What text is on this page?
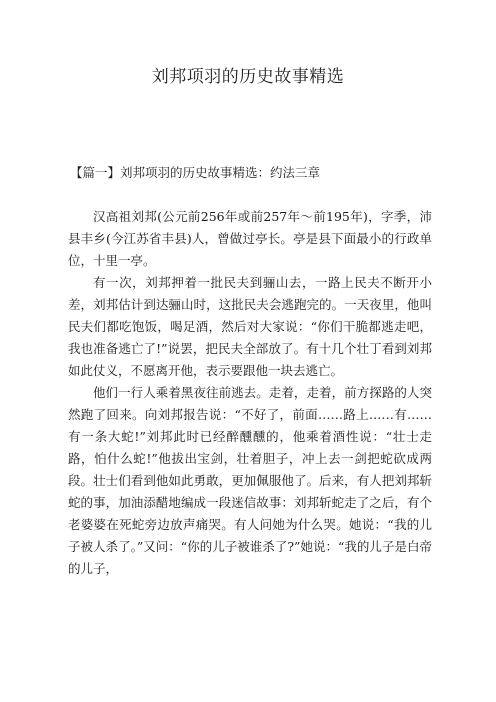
刘邦项羽的历史故事精选
【篇一】刘邦项羽的历史故事精选：约法三章

汉高祖刘邦(公元前256年或前257年～前195年)，字季，沛县丰乡(今江苏省丰县)人，曾做过亭长。亭是县下面最小的行政单位，十里一亭。

有一次，刘邦押着一批民夫到骊山去，一路上民夫不断开小差，刘邦估计到达骊山时，这批民夫会逃跑完的。一天夜里，他叫民夫们都吃饱饭，喝足酒，然后对大家说：“你们干脆都逃走吧，我也准备逃亡了!”说罢，把民夫全部放了。有十几个壮丁看到刘邦如此仗义，不愿离开他，表示要跟他一块去逃亡。

他们一行人乘着黑夜往前逃去。走着，走着，前方探路的人突然跑了回来。向刘邦报告说：“不好了，前面……路上……有……有一条大蛇!”刘邦此时已经醉醺醺的，他乘着酒性说：“壮士走路，怕什么蛇!”他拔出宝剑，壮着胆子，冲上去一剑把蛇砍成两段。壮士们看到他如此勇敢，更加佩服他了。后来，有人把刘邦斩蛇的事，加油添醋地编成一段迷信故事：刘邦斩蛇走了之后，有个老婆婆在死蛇旁边放声痛哭。有人问她为什么哭。她说：“我的儿子被人杀了。”又问：“你的儿子被谁杀了?”她说：“我的儿子是白帝的儿子，
